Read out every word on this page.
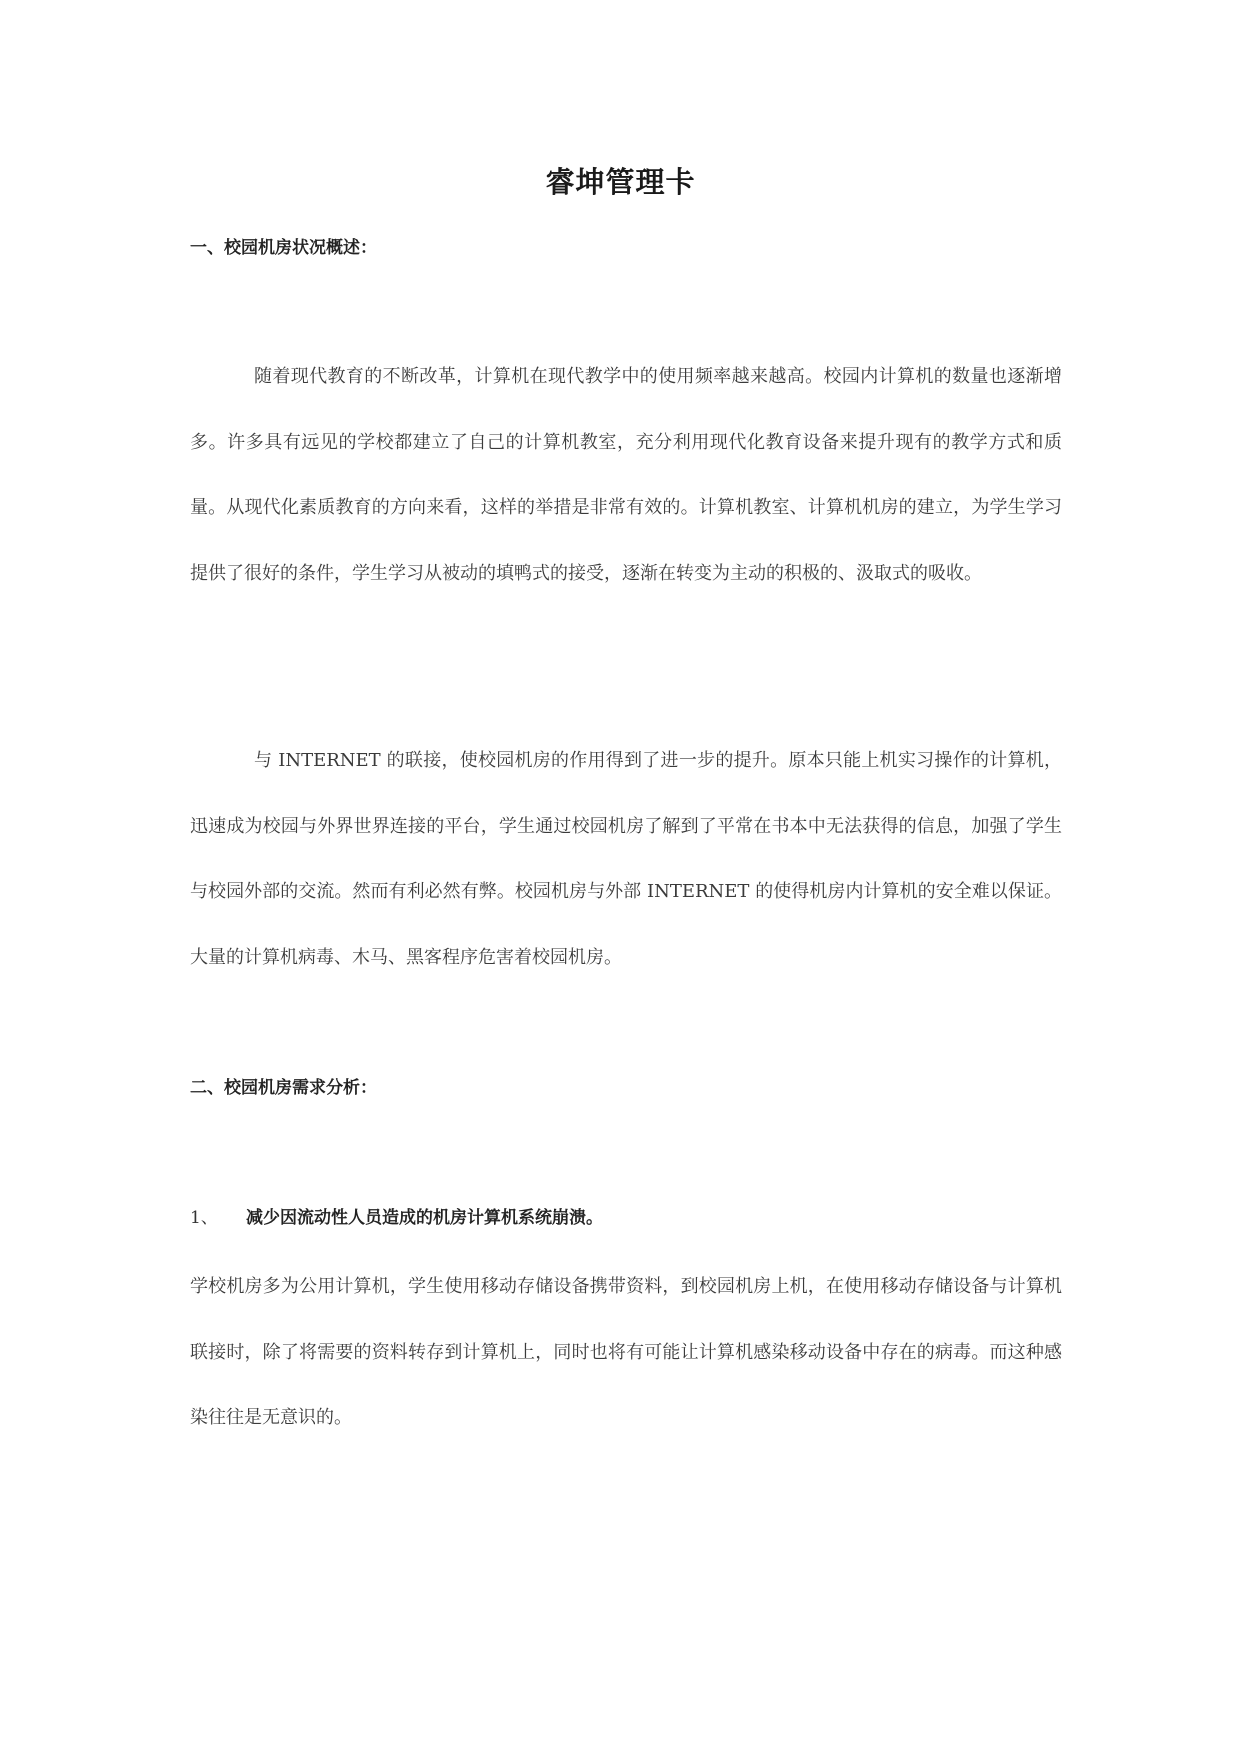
睿坤管理卡
一、校园机房状况概述：

随着现代教育的不断改革，计算机在现代教学中的使用频率越来越高。校园内计算机的数量也逐渐增多。许多具有远见的学校都建立了自己的计算机教室，充分利用现代化教育设备来提升现有的教学方式和质量。从现代化素质教育的方向来看，这样的举措是非常有效的。计算机教室、计算机机房的建立，为学生学习提供了很好的条件，学生学习从被动的填鸭式的接受，逐渐在转变为主动的积极的、汲取式的吸收。

与 INTERNET 的联接，使校园机房的作用得到了进一步的提升。原本只能上机实习操作的计算机，迅速成为校园与外界世界连接的平台，学生通过校园机房了解到了平常在书本中无法获得的信息，加强了学生与校园外部的交流。然而有利必然有弊。校园机房与外部 INTERNET 的使得机房内计算机的安全难以保证。大量的计算机病毒、木马、黑客程序危害着校园机房。

二、校园机房需求分析：
1、 减少因流动性人员造成的机房计算机系统崩溃。

学校机房多为公用计算机，学生使用移动存储设备携带资料，到校园机房上机，在使用移动存储设备与计算机联接时，除了将需要的资料转存到计算机上，同时也将有可能让计算机感染移动设备中存在的病毒。而这种感染往往是无意识的。
